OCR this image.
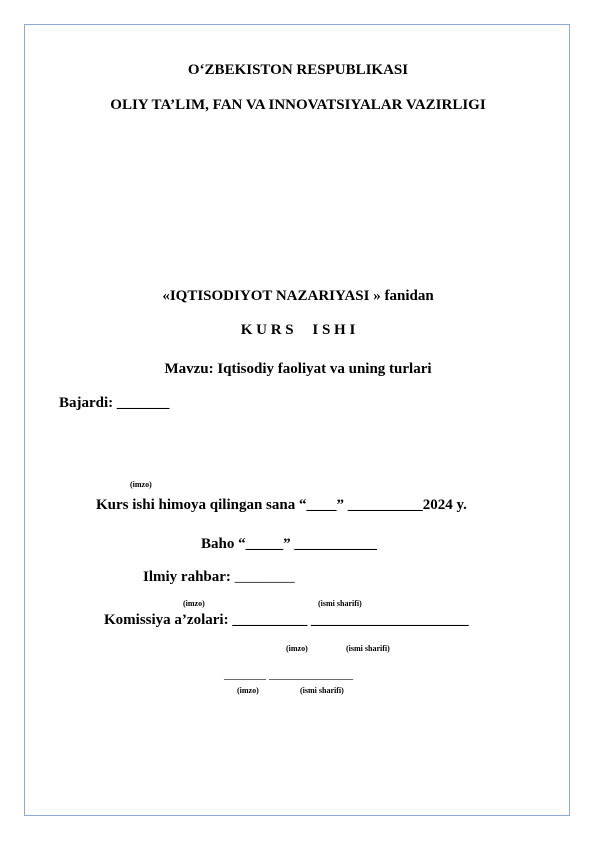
O‘ZBEKISTON RESPUBLIKASI
OLIY TA’LIM, FAN VA INNOVATSIYALAR VAZIRLIGI
«IQTISODIYOT NAZARIYASI » fanidan
K U R S     I S H I
Mavzu: Iqtisodiy faoliyat va uning turlari
Bajardi: _______
(imzo)
Kurs ishi himoya qilingan sana “____” __________2024 y.
Baho “_____” ___________
Ilmiy rahbar: ________
(imzo)	(ismi sharifi)
Komissiya a’zolari: __________ _____________________
(imzo)	(ismi sharifi)
_______ ______________
(imzo)	(ismi sharifi)
